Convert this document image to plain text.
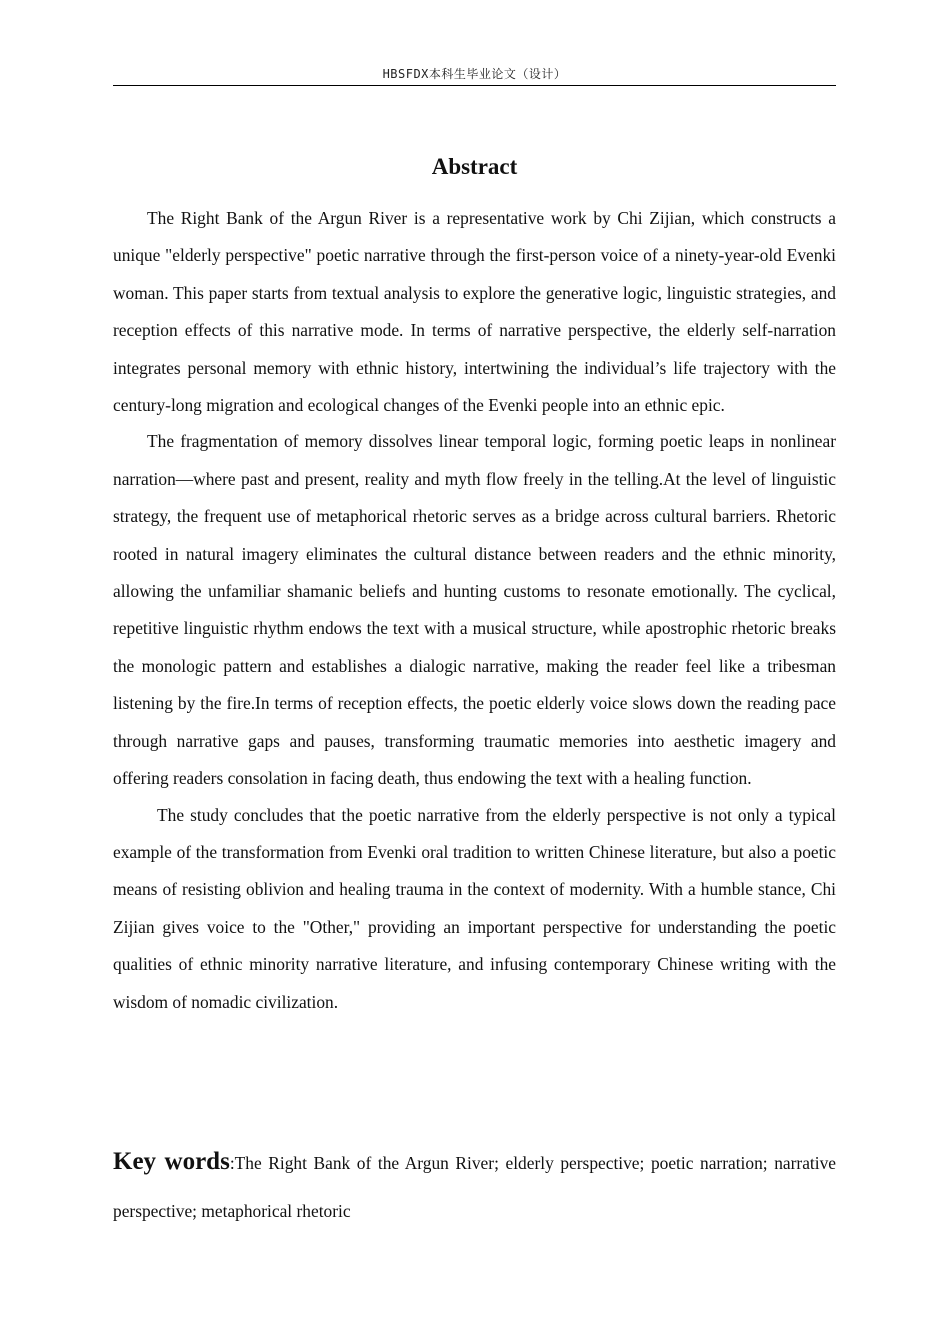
HBSFDX本科生毕业论文（设计）
Abstract

The Right Bank of the Argun River is a representative work by Chi Zijian, which constructs a unique "elderly perspective" poetic narrative through the first-person voice of a ninety-year-old Evenki woman. This paper starts from textual analysis to explore the generative logic, linguistic strategies, and reception effects of this narrative mode. In terms of narrative perspective, the elderly self-narration integrates personal memory with ethnic history, intertwining the individual’s life trajectory with the century-long migration and ecological changes of the Evenki people into an ethnic epic.

The fragmentation of memory dissolves linear temporal logic, forming poetic leaps in nonlinear narration—where past and present, reality and myth flow freely in the telling.At the level of linguistic strategy, the frequent use of metaphorical rhetoric serves as a bridge across cultural barriers. Rhetoric rooted in natural imagery eliminates the cultural distance between readers and the ethnic minority, allowing the unfamiliar shamanic beliefs and hunting customs to resonate emotionally. The cyclical, repetitive linguistic rhythm endows the text with a musical structure, while apostrophic rhetoric breaks the monologic pattern and establishes a dialogic narrative, making the reader feel like a tribesman listening by the fire.In terms of reception effects, the poetic elderly voice slows down the reading pace through narrative gaps and pauses, transforming traumatic memories into aesthetic imagery and offering readers consolation in facing death, thus endowing the text with a healing function.

The study concludes that the poetic narrative from the elderly perspective is not only a typical example of the transformation from Evenki oral tradition to written Chinese literature, but also a poetic means of resisting oblivion and healing trauma in the context of modernity. With a humble stance, Chi Zijian gives voice to the "Other," providing an important perspective for understanding the poetic qualities of ethnic minority narrative literature, and infusing contemporary Chinese writing with the wisdom of nomadic civilization.

Key words:The Right Bank of the Argun River; elderly perspective; poetic narration; narrative perspective; metaphorical rhetoric
